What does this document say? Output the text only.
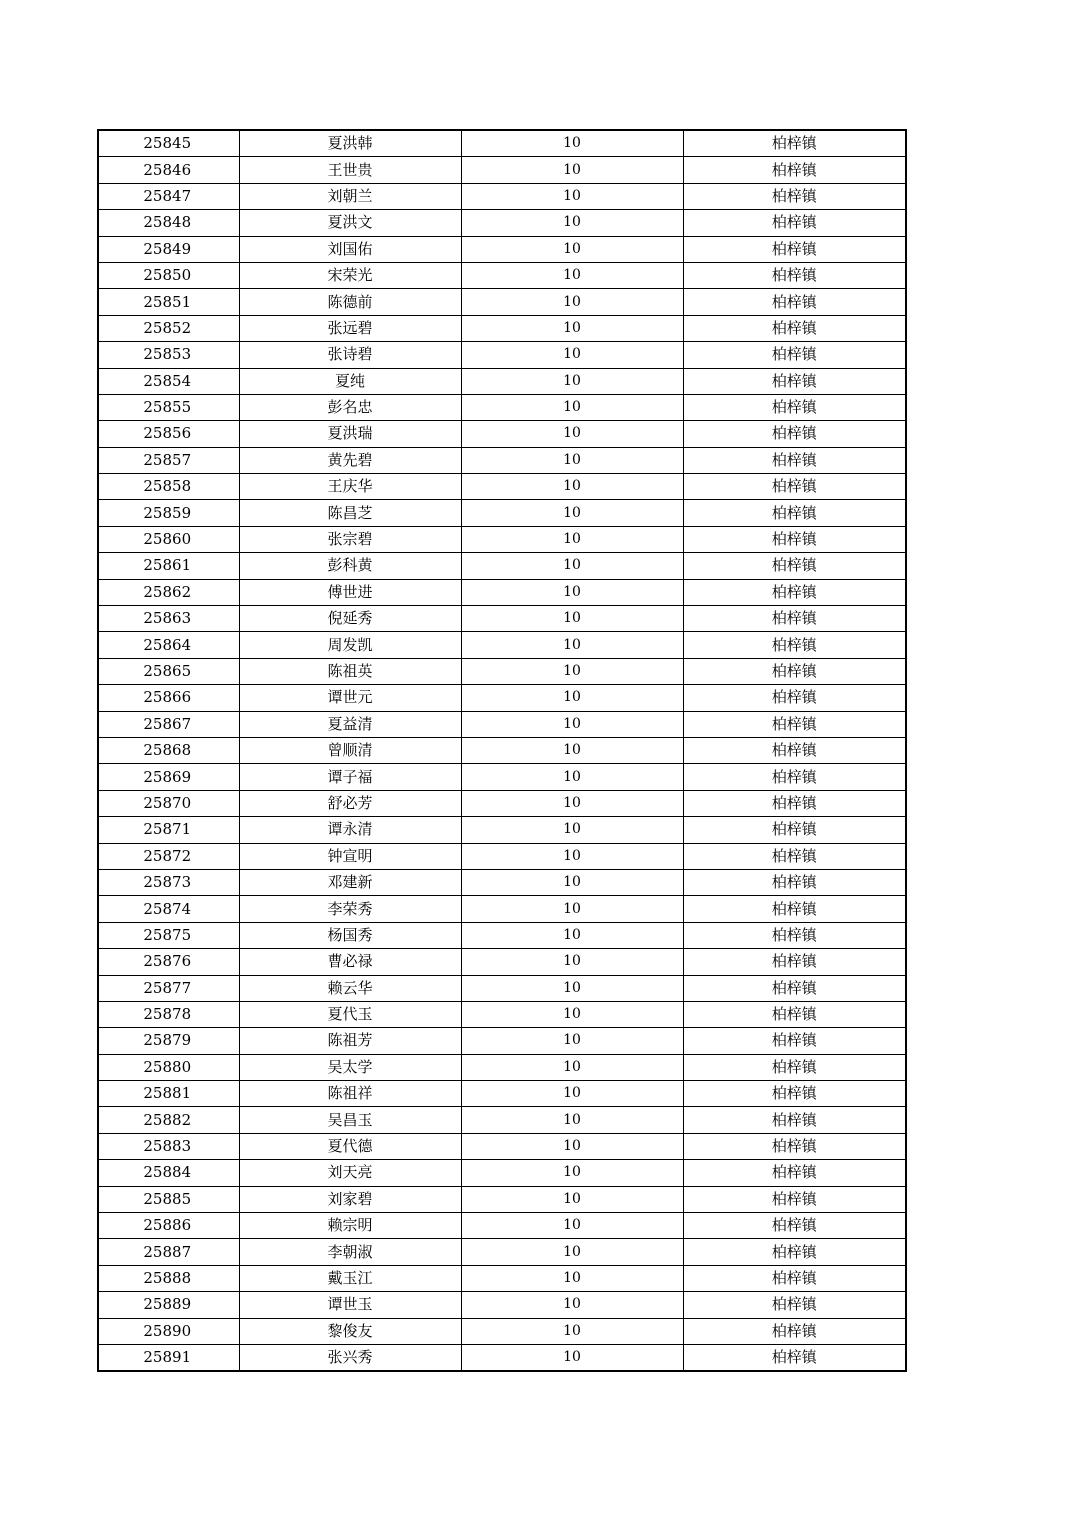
25845	夏洪韩	10	柏梓镇
25846	王世贵	10	柏梓镇
25847	刘朝兰	10	柏梓镇
25848	夏洪文	10	柏梓镇
25849	刘国佑	10	柏梓镇
25850	宋荣光	10	柏梓镇
25851	陈德前	10	柏梓镇
25852	张远碧	10	柏梓镇
25853	张诗碧	10	柏梓镇
25854	夏纯	10	柏梓镇
25855	彭名忠	10	柏梓镇
25856	夏洪瑞	10	柏梓镇
25857	黄先碧	10	柏梓镇
25858	王庆华	10	柏梓镇
25859	陈昌芝	10	柏梓镇
25860	张宗碧	10	柏梓镇
25861	彭科黄	10	柏梓镇
25862	傅世进	10	柏梓镇
25863	倪延秀	10	柏梓镇
25864	周发凯	10	柏梓镇
25865	陈祖英	10	柏梓镇
25866	谭世元	10	柏梓镇
25867	夏益清	10	柏梓镇
25868	曾顺清	10	柏梓镇
25869	谭子福	10	柏梓镇
25870	舒必芳	10	柏梓镇
25871	谭永清	10	柏梓镇
25872	钟宣明	10	柏梓镇
25873	邓建新	10	柏梓镇
25874	李荣秀	10	柏梓镇
25875	杨国秀	10	柏梓镇
25876	曹必禄	10	柏梓镇
25877	赖云华	10	柏梓镇
25878	夏代玉	10	柏梓镇
25879	陈祖芳	10	柏梓镇
25880	吴太学	10	柏梓镇
25881	陈祖祥	10	柏梓镇
25882	吴昌玉	10	柏梓镇
25883	夏代德	10	柏梓镇
25884	刘天亮	10	柏梓镇
25885	刘家碧	10	柏梓镇
25886	赖宗明	10	柏梓镇
25887	李朝淑	10	柏梓镇
25888	戴玉江	10	柏梓镇
25889	谭世玉	10	柏梓镇
25890	黎俊友	10	柏梓镇
25891	张兴秀	10	柏梓镇
